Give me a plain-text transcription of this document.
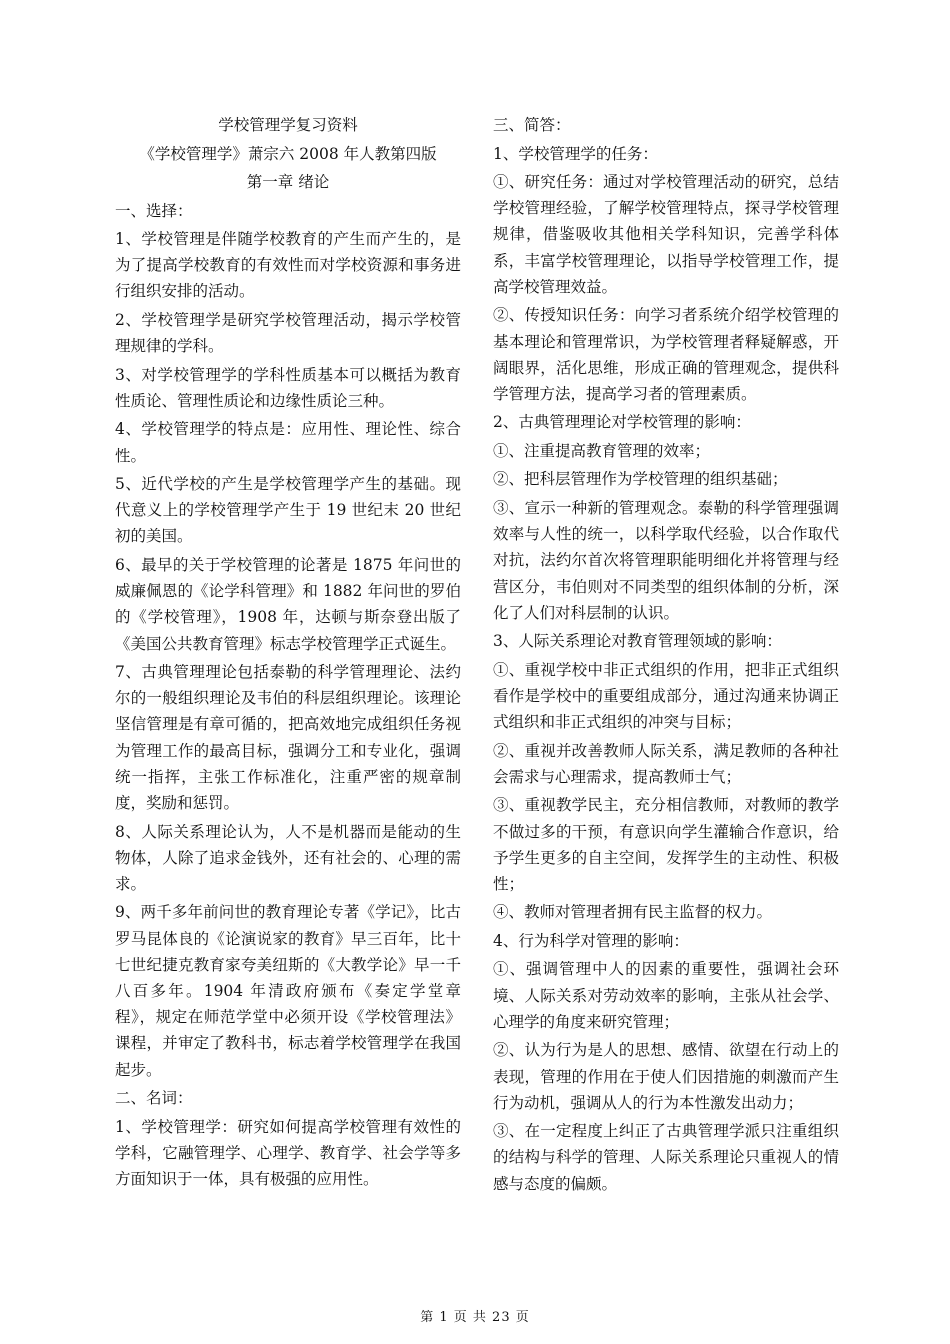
学校管理学复习资料
《学校管理学》萧宗六 2008 年人教第四版
第一章 绪论
一、选择：
1、学校管理是伴随学校教育的产生而产生的，是为了提高学校教育的有效性而对学校资源和事务进行组织安排的活动。
2、学校管理学是研究学校管理活动，揭示学校管理规律的学科。
3、对学校管理学的学科性质基本可以概括为教育性质论、管理性质论和边缘性质论三种。
4、学校管理学的特点是：应用性、理论性、综合性。
5、近代学校的产生是学校管理学产生的基础。现代意义上的学校管理学产生于 19 世纪末 20 世纪初的美国。
6、最早的关于学校管理的论著是 1875 年问世的威廉佩恩的《论学科管理》和 1882 年问世的罗伯的《学校管理》，1908 年，达顿与斯奈登出版了《美国公共教育管理》标志学校管理学正式诞生。
7、古典管理理论包括泰勒的科学管理理论、法约尔的一般组织理论及韦伯的科层组织理论。该理论坚信管理是有章可循的，把高效地完成组织任务视为管理工作的最高目标，强调分工和专业化，强调统一指挥，主张工作标准化，注重严密的规章制度，奖励和惩罚。
8、人际关系理论认为，人不是机器而是能动的生物体，人除了追求金钱外，还有社会的、心理的需求。
9、两千多年前问世的教育理论专著《学记》，比古罗马昆体良的《论演说家的教育》早三百年，比十七世纪捷克教育家夸美纽斯的《大教学论》早一千八百多年。1904 年清政府颁布《奏定学堂章程》，规定在师范学堂中必须开设《学校管理法》课程，并审定了教科书，标志着学校管理学在我国起步。
二、名词：
1、学校管理学：研究如何提高学校管理有效性的学科，它融管理学、心理学、教育学、社会学等多方面知识于一体，具有极强的应用性。
三、简答：
1、学校管理学的任务：
①、研究任务：通过对学校管理活动的研究，总结学校管理经验，了解学校管理特点，探寻学校管理规律，借鉴吸收其他相关学科知识，完善学科体系，丰富学校管理理论，以指导学校管理工作，提高学校管理效益。
②、传授知识任务：向学习者系统介绍学校管理的基本理论和管理常识，为学校管理者释疑解惑，开阔眼界，活化思维，形成正确的管理观念，提供科学管理方法，提高学习者的管理素质。
2、古典管理理论对学校管理的影响：
①、注重提高教育管理的效率；
②、把科层管理作为学校管理的组织基础；
③、宣示一种新的管理观念。泰勒的科学管理强调效率与人性的统一，以科学取代经验，以合作取代对抗，法约尔首次将管理职能明细化并将管理与经营区分，韦伯则对不同类型的组织体制的分析，深化了人们对科层制的认识。
3、人际关系理论对教育管理领域的影响：
①、重视学校中非正式组织的作用，把非正式组织看作是学校中的重要组成部分，通过沟通来协调正式组织和非正式组织的冲突与目标；
②、重视并改善教师人际关系，满足教师的各种社会需求与心理需求，提高教师士气；
③、重视教学民主，充分相信教师，对教师的教学不做过多的干预，有意识向学生灌输合作意识，给予学生更多的自主空间，发挥学生的主动性、积极性；
④、教师对管理者拥有民主监督的权力。
4、行为科学对管理的影响：
①、强调管理中人的因素的重要性，强调社会环境、人际关系对劳动效率的影响，主张从社会学、心理学的角度来研究管理；
②、认为行为是人的思想、感情、欲望在行动上的表现，管理的作用在于使人们因措施的刺激而产生行为动机，强调从人的行为本性激发出动力；
③、在一定程度上纠正了古典管理学派只注重组织的结构与科学的管理、人际关系理论只重视人的情感与态度的偏颇。
第 1 页 共 23 页
